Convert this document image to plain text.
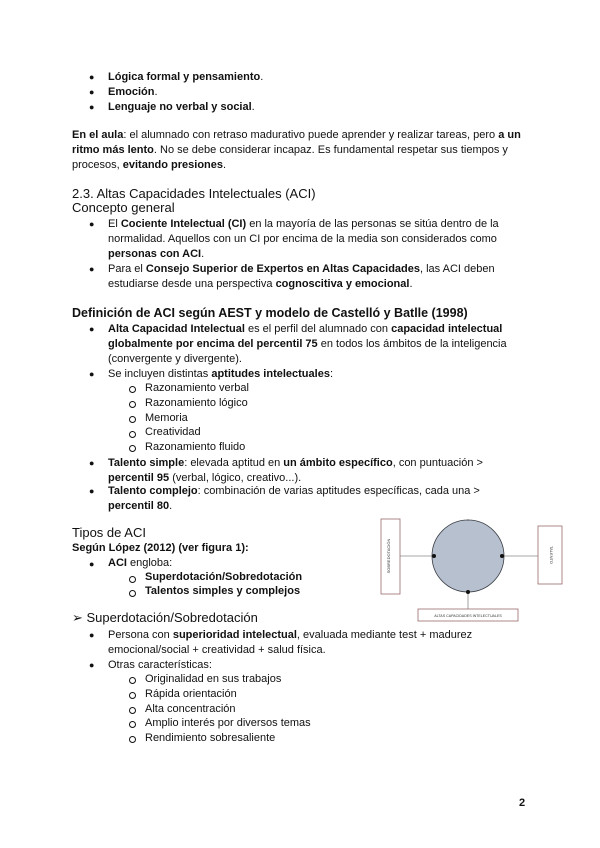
● Lógica formal y pensamiento.
● Emoción.
● Lenguaje no verbal y social.
En el aula: el alumnado con retraso madurativo puede aprender y realizar tareas, pero a un
ritmo más lento. No se debe considerar incapaz. Es fundamental respetar sus tiempos y
procesos, evitando presiones.
2.3. Altas Capacidades Intelectuales (ACI)
Concepto general
● El Cociente Intelectual (CI) en la mayoría de las personas se sitúa dentro de la
normalidad. Aquellos con un CI por encima de la media son considerados como
personas con ACI.
● Para el Consejo Superior de Expertos en Altas Capacidades, las ACI deben
estudiarse desde una perspectiva cognoscitiva y emocional.
Definición de ACI según AEST y modelo de Castelló y Batlle (1998)
● Alta Capacidad Intelectual es el perfil del alumnado con capacidad intelectual
globalmente por encima del percentil 75 en todos los ámbitos de la inteligencia
(convergente y divergente).
● Se incluyen distintas aptitudes intelectuales:
Razonamiento verbal
Razonamiento lógico
Memoria
Creatividad
Razonamiento fluido
● Talento simple: elevada aptitud en un ámbito específico, con puntuación >
percentil 95 (verbal, lógico, creativo...).
● Talento complejo: combinación de varias aptitudes específicas, cada una >
percentil 80.
Tipos de ACI
Según López (2012) (ver figura 1):
● ACI engloba:
Superdotación/Sobredotación
Talentos simples y complejos
➢ Superdotación/Sobredotación
● Persona con superioridad intelectual, evaluada mediante test + madurez
emocional/social + creatividad + salud física.
● Otras características:
Originalidad en sus trabajos
Rápida orientación
Alta concentración
Amplio interés por diversos temas
Rendimiento sobresaliente
SOBREDOTACIÓN	TALENTO
ALTAS CAPACIDADES INTELECTUALES
2
